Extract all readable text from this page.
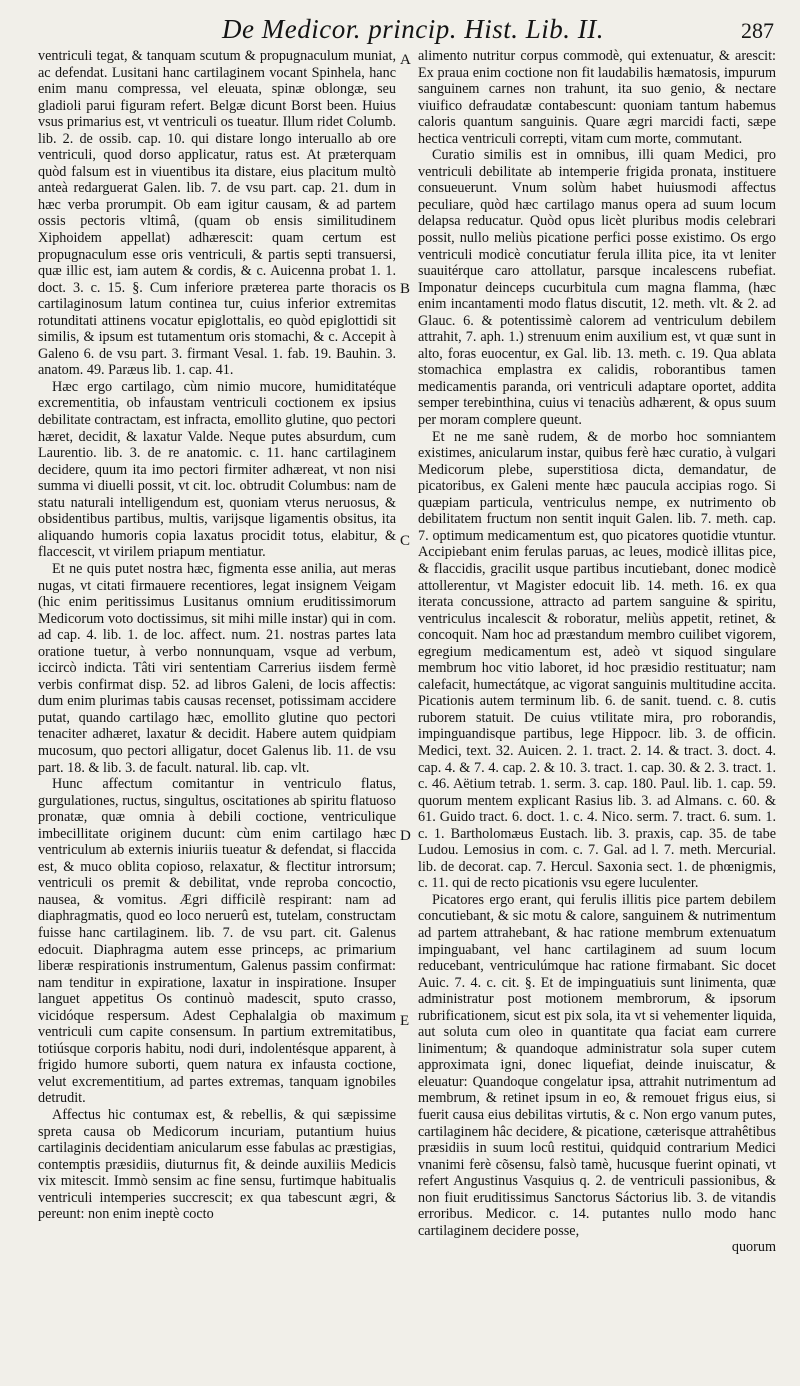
De Medicor. princip. Hist. Lib. II.	287

ventriculi tegat, & tanquam scutum & propugnaculum muniat, ac defendat. Lusitani hanc cartilaginem vocant Spinhela, hanc enim manu compressa, vel eleuata, spinæ oblongæ, seu gladioli parui figuram refert. Belgæ dicunt Borst been. Huius vsus primarius est, vt ventriculi os tueatur. Illum ridet Columb. lib. 2. de ossib. cap. 10. qui distare longo interuallo ab ore ventriculi, quod dorso applicatur, ratus est. At præterquam quòd falsum est in viuentibus ita distare, eius placitum multò anteà redarguerat Galen. lib. 7. de vsu part. cap. 21. dum in hæc verba prorumpit. Ob eam igitur causam, & ad partem ossis pectoris vltimâ, (quam ob ensis similitudinem Xiphoidem appellat) adhærescit: quam certum est propugnaculum esse oris ventriculi, & partis septi transuersi, quæ illic est, iam autem & cordis, & c. Auicenna probat 1. 1. doct. 3. c. 15. §. Cum inferiore præterea parte thoracis os cartilaginosum latum continea tur, cuius inferior extremitas rotunditati attinens vocatur epiglottalis, eo quòd epiglottidi sit similis, & ipsum est tutamentum oris stomachi, & c. Accepit à Galeno 6. de vsu part. 3. firmant Vesal. 1. fab. 19. Bauhin. 3. anatom. 49. Paræus lib. 1. cap. 41.

Hæc ergo cartilago, cùm nimio mucore, humiditatéque excrementitia, ob infaustam ventriculi coctionem ex ipsius debilitate contractam, est infracta, emollito glutine, quo pectori hæret, decidit, & laxatur Valde. Neque putes absurdum, cum Laurentio. lib. 3. de re anatomic. c. 11. hanc cartilaginem decidere, quum ita imo pectori firmiter adhæreat, vt non nisi summa vi diuelli possit, vt cit. loc. obtrudit Columbus: nam de statu naturali intelligendum est, quoniam vterus neruosus, & obsidentibus partibus, multis, varijsque ligamentis obsitus, ita aliquando humoris copia laxatus procidit totus, elabitur, & flaccescit, vt virilem priapum mentiatur.

Et ne quis putet nostra hæc, figmenta esse anilia, aut meras nugas, vt citati firmauere recentiores, legat insignem Veigam (hic enim peritissimus Lusitanus omnium eruditissimorum Medicorum voto doctissimus, sit mihi mille instar) qui in com. ad cap. 4. lib. 1. de loc. affect. num. 21. nostras partes lata oratione tuetur, à verbo nonnunquam, vsque ad verbum, iccircò indicta. Tâti viri sententiam Carrerius iisdem fermè verbis confirmat disp. 52. ad libros Galeni, de locis affectis: dum enim plurimas tabis causas recenset, potissimam accidere putat, quando cartilago hæc, emollito glutine quo pectori tenaciter adhæret, laxatur & decidit. Habere autem quidpiam mucosum, quo pectori alligatur, docet Galenus lib. 11. de vsu part. 18. & lib. 3. de facult. natural. lib. cap. vlt.

Hunc affectum comitantur in ventriculo flatus, gurgulationes, ructus, singultus, oscitationes ab spiritu flatuoso pronatæ, quæ omnia à debili coctione, ventriculique imbecillitate originem ducunt: cùm enim cartilago hæc ventriculum ab externis iniuriis tueatur & defendat, si flaccida est, & muco oblita copioso, relaxatur, & flectitur introrsum; ventriculi os premit & debilitat, vnde reproba concoctio, nausea, & vomitus. Ægri difficilè respirant: nam ad diaphragmatis, quod eo loco neruerû est, tutelam, constructam fuisse hanc cartilaginem. lib. 7. de vsu part. cit. Galenus edocuit. Diaphragma autem esse princeps, ac primarium liberæ respirationis instrumentum, Galenus passim confirmat: nam tenditur in expiratione, laxatur in inspiratione. Insuper languet appetitus Os continuò madescit, sputo crasso, vicidóque respersum. Adest Cephalalgia ob maximum ventriculi cum capite consensum. In partium extremitatibus, totiúsque corporis habitu, nodi duri, indolentésque apparent, à frigido humore suborti, quem natura ex infausta coctione, velut excrementitium, ad partes extremas, tanquam ignobiles detrudit.

Affectus hic contumax est, & rebellis, & qui sæpissime spreta causa ob Medicorum incuriam, putantium huius cartilaginis decidentiam anicularum esse fabulas ac præstigias, contemptis præsidiis, diuturnus fit, & deinde auxiliis Medicis vix mitescit. Immò sensim ac fine sensu, furtimque habitualis ventriculi intemperies succrescit; ex qua tabescunt ægri, & pereunt: non enim ineptè cocto

A
B
C
D
E

alimento nutritur corpus commodè, qui extenuatur, & arescit: Ex praua enim coctione non fit laudabilis hæmatosis, impurum sanguinem carnes non trahunt, ita suo genio, & nectare viuifico defraudatæ contabescunt: quoniam tantum habemus caloris quantum sanguinis. Quare ægri marcidi facti, sæpe hectica ventriculi correpti, vitam cum morte, commutant.

Curatio similis est in omnibus, illi quam Medici, pro ventriculi debilitate ab intemperie frigida pronata, instituere consueuerunt. Vnum solùm habet huiusmodi affectus peculiare, quòd hæc cartilago manus opera ad suum locum delapsa reducatur. Quòd opus licèt pluribus modis celebrari possit, nullo meliùs picatione perfici posse existimo. Os ergo ventriculi modicè concutiatur ferula illita pice, ita vt leniter suauitérque caro attollatur, parsque incalescens rubefiat. Imponatur deinceps cucurbitula cum magna flamma, (hæc enim incantamenti modo flatus discutit, 12. meth. vlt. & 2. ad Glauc. 6. & potentissimè calorem ad ventriculum debilem attrahit, 7. aph. 1.) strenuum enim auxilium est, vt quæ sunt in alto, foras euocentur, ex Gal. lib. 13. meth. c. 19. Qua ablata stomachica emplastra ex calidis, roborantibus tamen medicamentis paranda, ori ventriculi adaptare oportet, addita semper terebinthina, cuius vi tenaciùs adhærent, & opus suum per moram complere queunt.

Et ne me sanè rudem, & de morbo hoc somniantem existimes, anicularum instar, quibus ferè hæc curatio, à vulgari Medicorum plebe, superstitiosa dicta, demandatur, de picatoribus, ex Galeni mente hæc paucula accipias rogo. Si quæpiam particula, ventriculus nempe, ex nutrimento ob debilitatem fructum non sentit inquit Galen. lib. 7. meth. cap. 7. optimum medicamentum est, quo picatores quotidie vtuntur. Accipiebant enim ferulas paruas, ac leues, modicè illitas pice, & flaccidis, gracilit usque partibus incutiebant, donec modicè attollerentur, vt Magister edocuit lib. 14. meth. 16. ex qua iterata concussione, attracto ad partem sanguine & spiritu, ventriculus incalescit & roboratur, meliùs appetit, retinet, & concoquit. Nam hoc ad præstandum membro cuilibet vigorem, egregium medicamentum est, adeò vt siquod singulare membrum hoc vitio laboret, id hoc præsidio restituatur; nam calefacit, humectátque, ac vigorat sanguinis multitudine accita. Picationis autem terminum lib. 6. de sanit. tuend. c. 8. cutis ruborem statuit. De cuius vtilitate mira, pro roborandis, impinguandisque partibus, lege Hippocr. lib. 3. de officin. Medici, text. 32. Auicen. 2. 1. tract. 2. 14. & tract. 3. doct. 4. cap. 4. & 7. 4. cap. 2. & 10. 3. tract. 1. cap. 30. & 2. 3. tract. 1. c. 46. Aëtium tetrab. 1. serm. 3. cap. 180. Paul. lib. 1. cap. 59. quorum mentem explicant Rasius lib. 3. ad Almans. c. 60. & 61. Guido tract. 6. doct. 1. c. 4. Nico. serm. 7. tract. 6. sum. 1. c. 1. Bartholomæus Eustach. lib. 3. praxis, cap. 35. de tabe Ludou. Lemosius in com. c. 7. Gal. ad l. 7. meth. Mercurial. lib. de decorat. cap. 7. Hercul. Saxonia sect. 1. de phœnigmis, c. 11. qui de recto picationis vsu egere luculenter.

Picatores ergo erant, qui ferulis illitis pice partem debilem concutiebant, & sic motu & calore, sanguinem & nutrimentum ad partem attrahebant, & hac ratione membrum extenuatum impinguabant, vel hanc cartilaginem ad suum locum reducebant, ventriculúmque hac ratione firmabant. Sic docet Auic. 7. 4. c. cit. §. Et de impinguatiuis sunt linimenta, quæ administratur post motionem membrorum, & ipsorum rubrificationem, sicut est pix sola, ita vt si vehementer liquida, aut soluta cum oleo in quantitate qua faciat eam currere linimentum; & quandoque administratur sola super cutem approximata igni, donec liquefiat, deinde inuiscatur, & eleuatur: Quandoque congelatur ipsa, attrahit nutrimentum ad membrum, & retinet ipsum in eo, & remouet frigus eius, si fuerit causa eius debilitas virtutis, & c. Non ergo vanum putes, cartilaginem hâc decidere, & picatione, cæterisque attrahêtibus præsidiis in suum locû restitui, quidquid contrarium Medici vnanimi ferè cõsensu, falsò tamè, hucusque fuerint opinati, vt refert Angustinus Vasquius q. 2. de ventriculi passionibus, & non fiuit eruditissimus Sanctorus Sáctorius lib. 3. de vitandis erroribus. Medicor. c. 14. putantes nullo modo hanc cartilaginem decidere posse,

quorum
